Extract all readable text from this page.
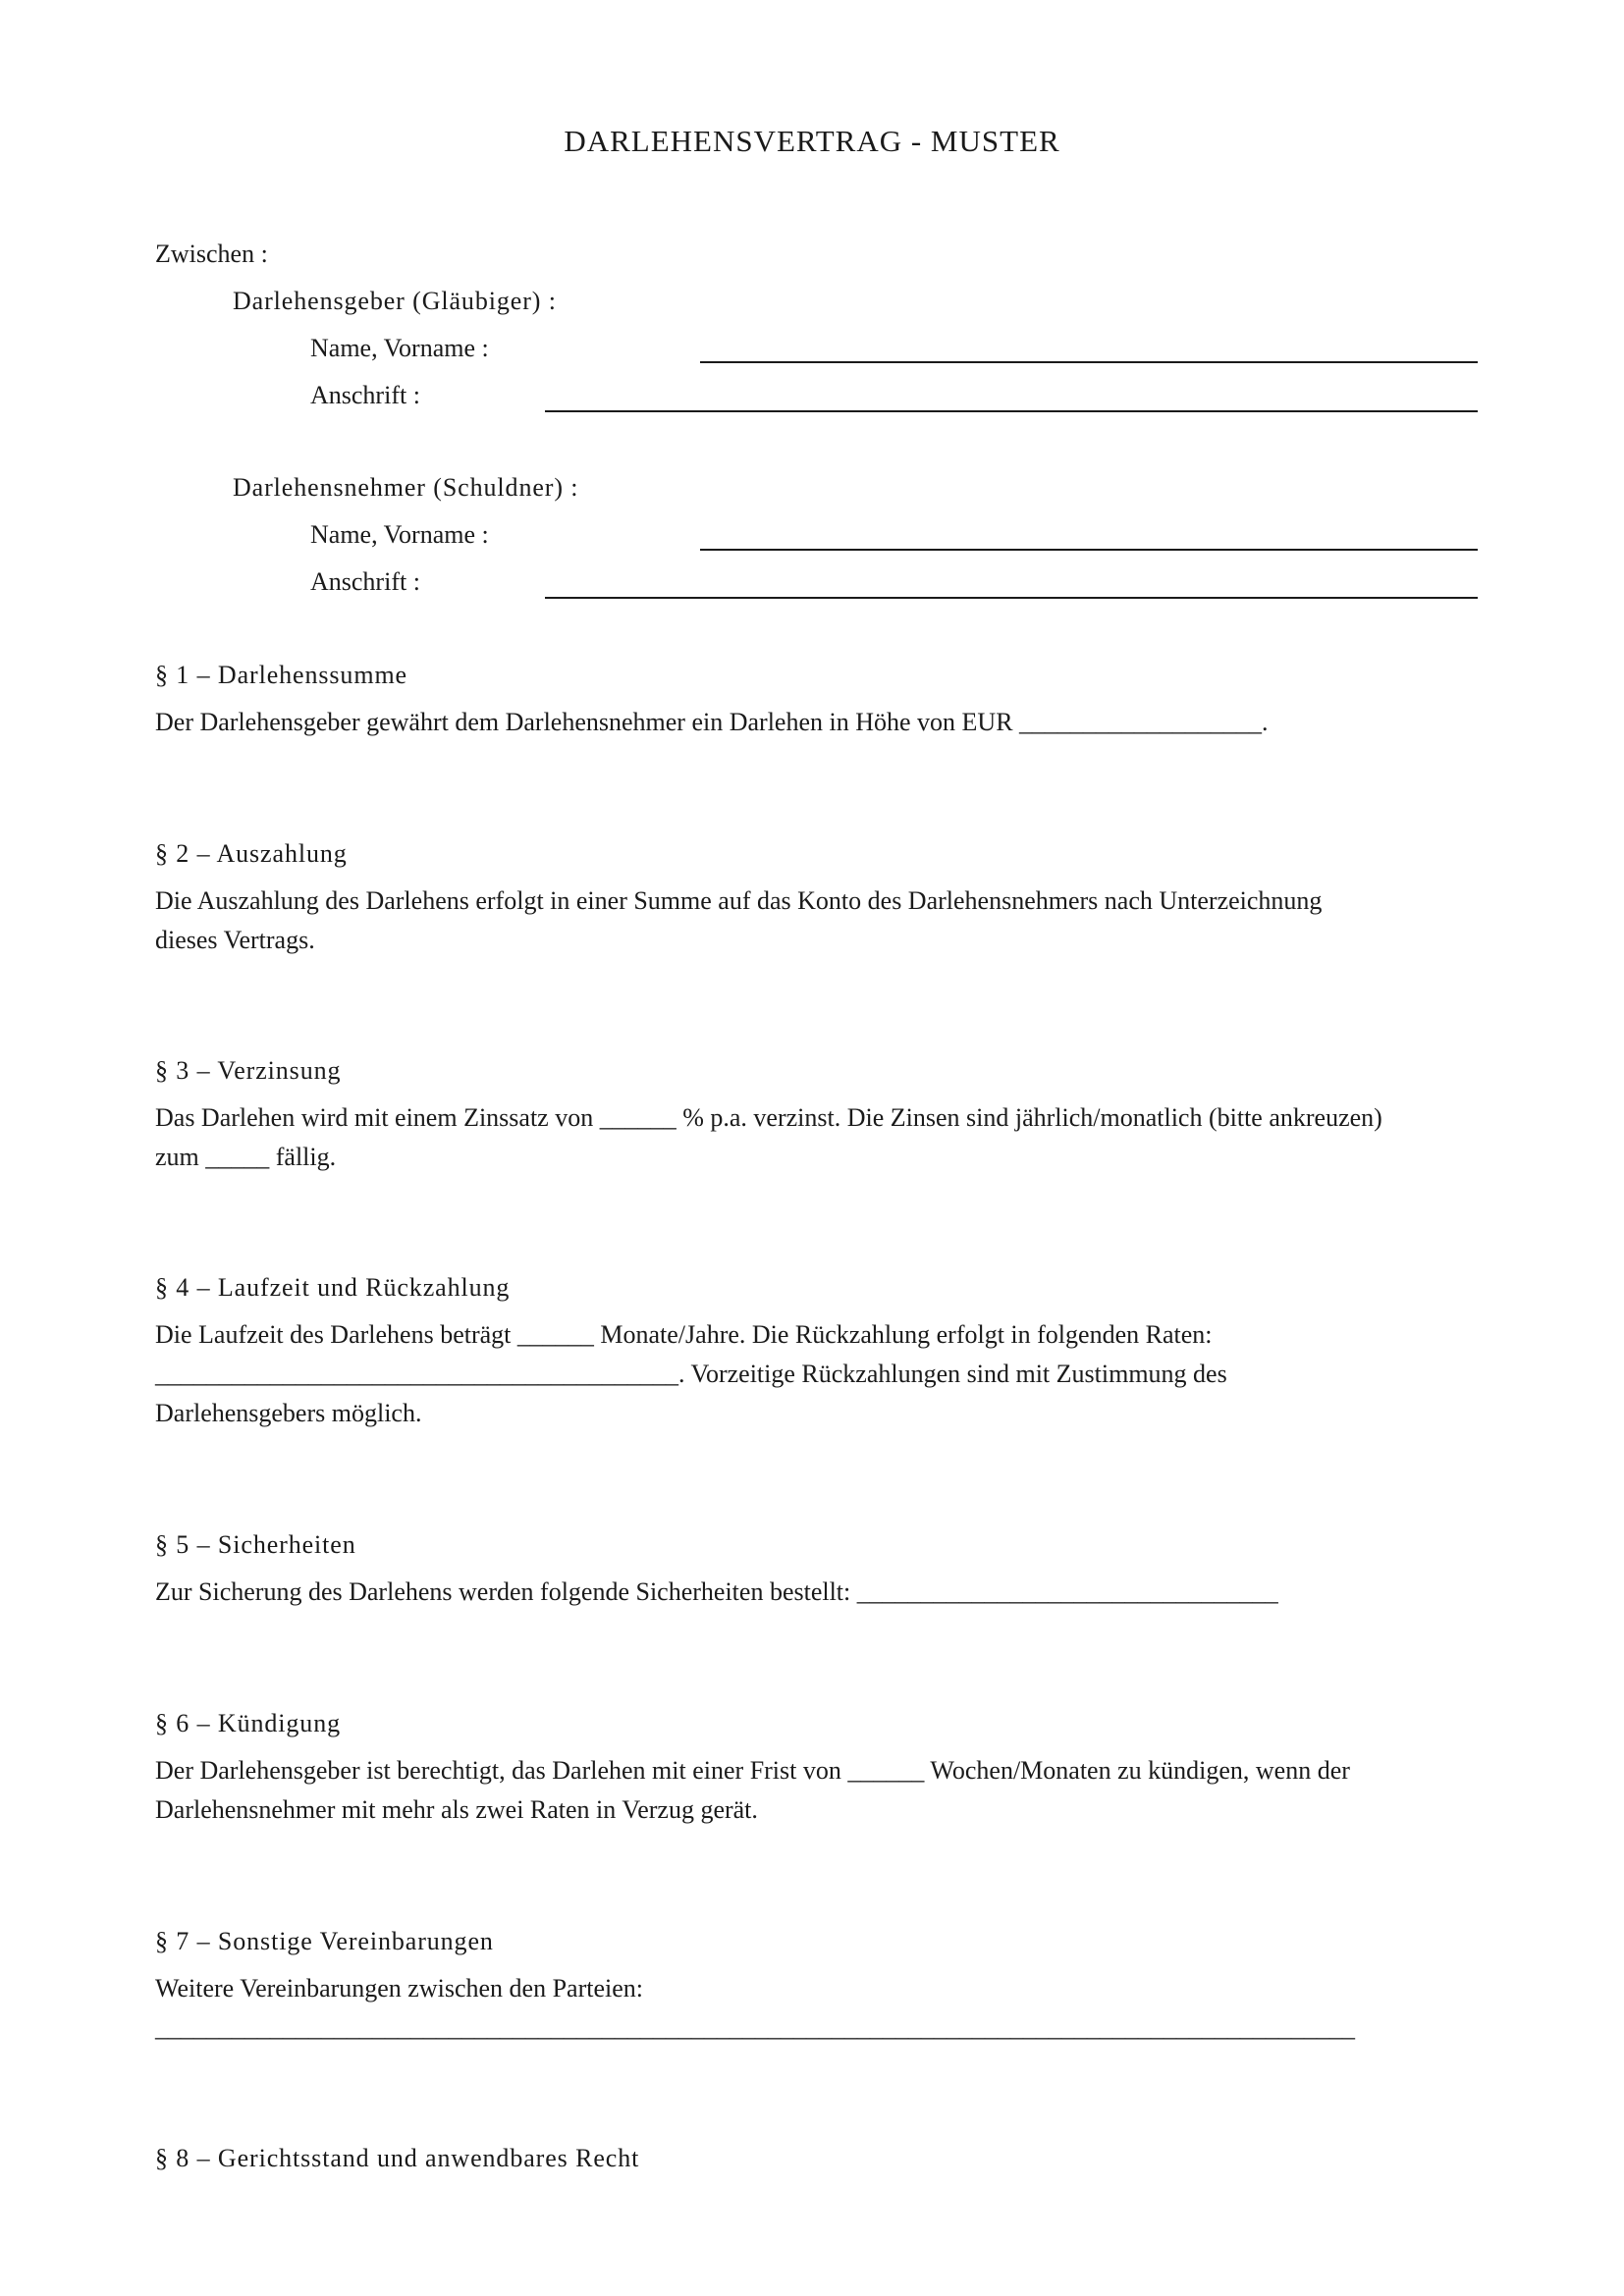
DARLEHENSVERTRAG - MUSTER
Zwischen :
Darlehensgeber (Gläubiger) :
Name, Vorname :
Anschrift :
Darlehensnehmer (Schuldner) :
Name, Vorname :
Anschrift :
§ 1 – Darlehenssumme

Der Darlehensgeber gewährt dem Darlehensnehmer ein Darlehen in Höhe von EUR ___________________.

§ 2 – Auszahlung

Die Auszahlung des Darlehens erfolgt in einer Summe auf das Konto des Darlehensnehmers nach Unterzeichnung

dieses Vertrags.

§ 3 – Verzinsung

Das Darlehen wird mit einem Zinssatz von ______ % p.a. verzinst. Die Zinsen sind jährlich/monatlich (bitte ankreuzen)

zum _____ fällig.

§ 4 – Laufzeit und Rückzahlung

Die Laufzeit des Darlehens beträgt ______ Monate/Jahre. Die Rückzahlung erfolgt in folgenden Raten:

_________________________________________. Vorzeitige Rückzahlungen sind mit Zustimmung des

Darlehensgebers möglich.

§ 5 – Sicherheiten

Zur Sicherung des Darlehens werden folgende Sicherheiten bestellt: _________________________________

§ 6 – Kündigung

Der Darlehensgeber ist berechtigt, das Darlehen mit einer Frist von ______ Wochen/Monaten zu kündigen, wenn der

Darlehensnehmer mit mehr als zwei Raten in Verzug gerät.

§ 7 – Sonstige Vereinbarungen

Weitere Vereinbarungen zwischen den Parteien:

______________________________________________________________________________________________

§ 8 – Gerichtsstand und anwendbares Recht
